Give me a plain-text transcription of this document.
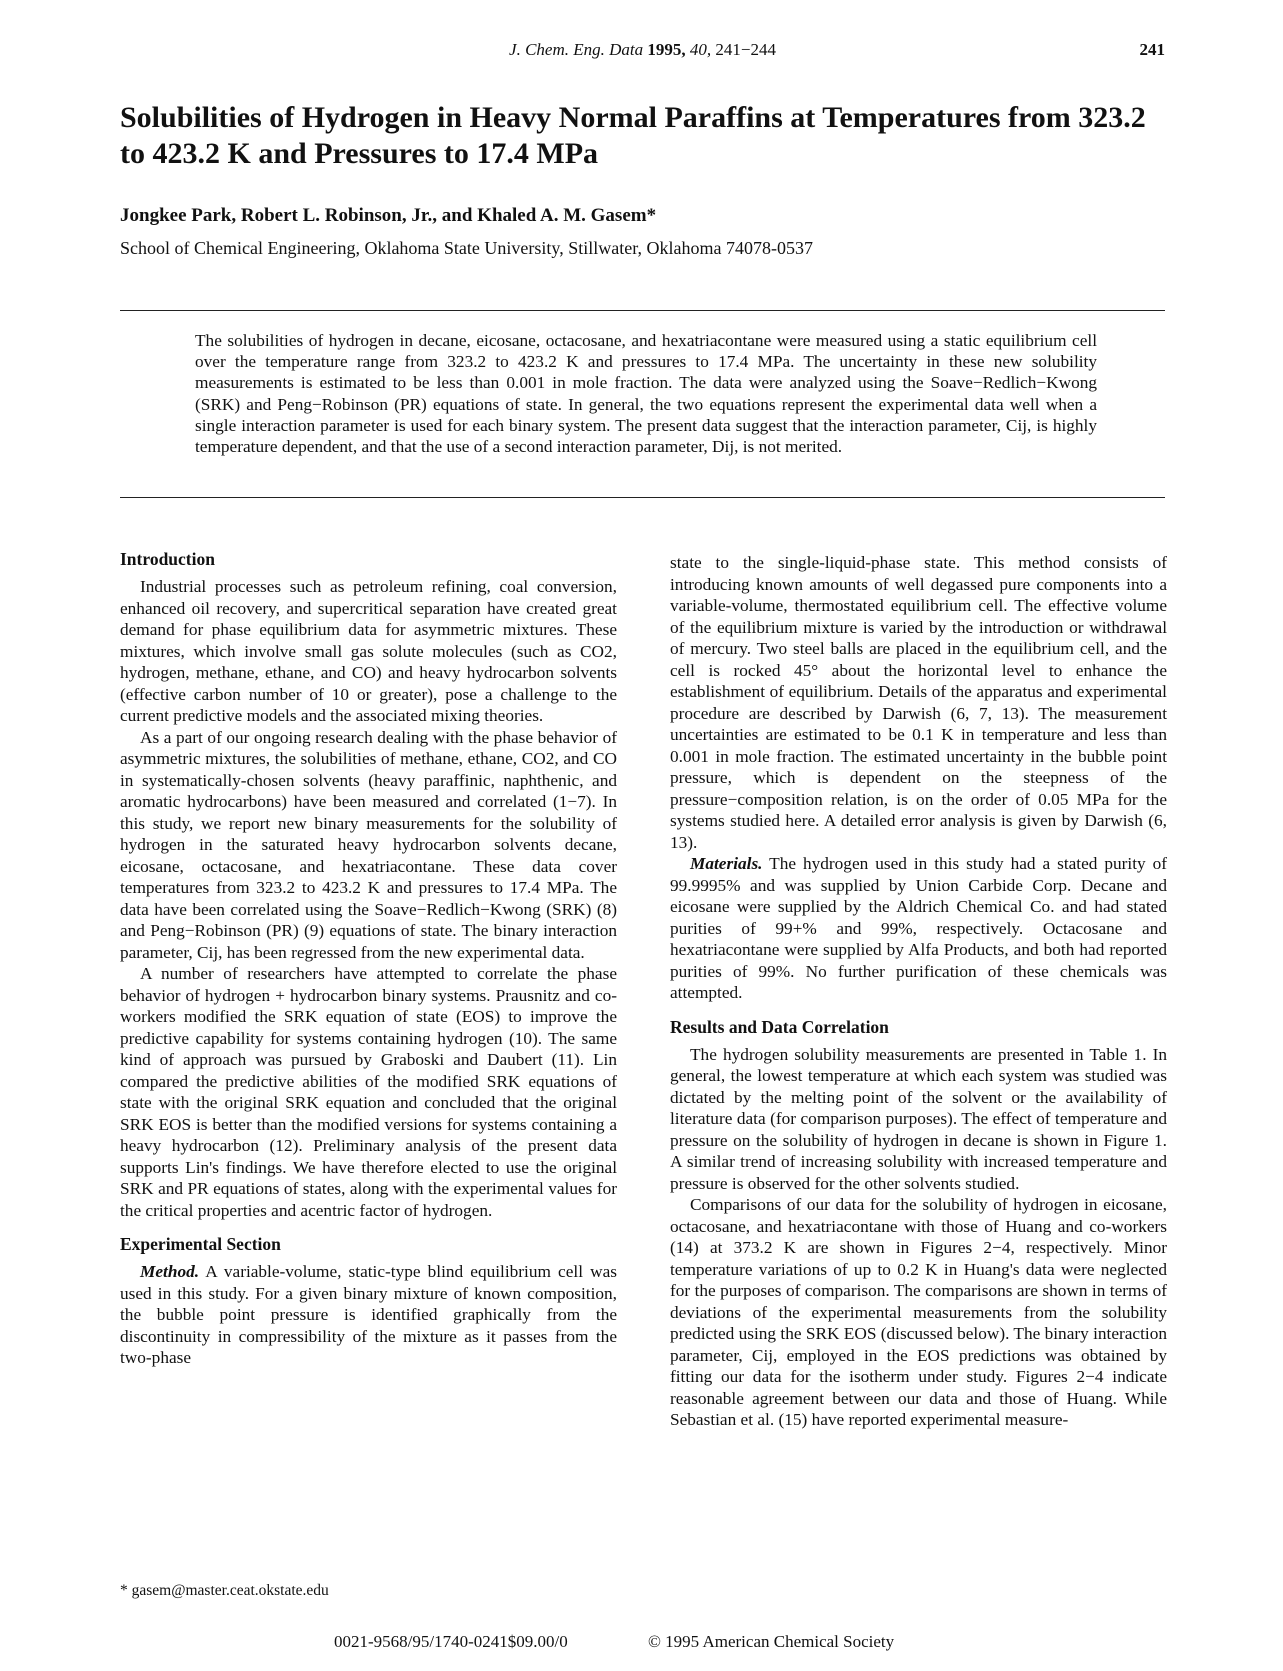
J. Chem. Eng. Data 1995, 40, 241−244	241
Solubilities of Hydrogen in Heavy Normal Paraffins at Temperatures from 323.2 to 423.2 K and Pressures to 17.4 MPa
Jongkee Park, Robert L. Robinson, Jr., and Khaled A. M. Gasem*
School of Chemical Engineering, Oklahoma State University, Stillwater, Oklahoma 74078-0537
The solubilities of hydrogen in decane, eicosane, octacosane, and hexatriacontane were measured using a static equilibrium cell over the temperature range from 323.2 to 423.2 K and pressures to 17.4 MPa. The uncertainty in these new solubility measurements is estimated to be less than 0.001 in mole fraction. The data were analyzed using the Soave−Redlich−Kwong (SRK) and Peng−Robinson (PR) equations of state. In general, the two equations represent the experimental data well when a single interaction parameter is used for each binary system. The present data suggest that the interaction parameter, Cij, is highly temperature dependent, and that the use of a second interaction parameter, Dij, is not merited.
Introduction

Industrial processes such as petroleum refining, coal conversion, enhanced oil recovery, and supercritical separation have created great demand for phase equilibrium data for asymmetric mixtures. These mixtures, which involve small gas solute molecules (such as CO2, hydrogen, methane, ethane, and CO) and heavy hydrocarbon solvents (effective carbon number of 10 or greater), pose a challenge to the current predictive models and the associated mixing theories.

As a part of our ongoing research dealing with the phase behavior of asymmetric mixtures, the solubilities of methane, ethane, CO2, and CO in systematically-chosen solvents (heavy paraffinic, naphthenic, and aromatic hydrocarbons) have been measured and correlated (1−7). In this study, we report new binary measurements for the solubility of hydrogen in the saturated heavy hydrocarbon solvents decane, eicosane, octacosane, and hexatriacontane. These data cover temperatures from 323.2 to 423.2 K and pressures to 17.4 MPa. The data have been correlated using the Soave−Redlich−Kwong (SRK) (8) and Peng−Robinson (PR) (9) equations of state. The binary interaction parameter, Cij, has been regressed from the new experimental data.

A number of researchers have attempted to correlate the phase behavior of hydrogen + hydrocarbon binary systems. Prausnitz and co-workers modified the SRK equation of state (EOS) to improve the predictive capability for systems containing hydrogen (10). The same kind of approach was pursued by Graboski and Daubert (11). Lin compared the predictive abilities of the modified SRK equations of state with the original SRK equation and concluded that the original SRK EOS is better than the modified versions for systems containing a heavy hydrocarbon (12). Preliminary analysis of the present data supports Lin's findings. We have therefore elected to use the original SRK and PR equations of states, along with the experimental values for the critical properties and acentric factor of hydrogen.

Experimental Section

Method. A variable-volume, static-type blind equilibrium cell was used in this study. For a given binary mixture of known composition, the bubble point pressure is identified graphically from the discontinuity in compressibility of the mixture as it passes from the two-phase

state to the single-liquid-phase state. This method consists of introducing known amounts of well degassed pure components into a variable-volume, thermostated equilibrium cell. The effective volume of the equilibrium mixture is varied by the introduction or withdrawal of mercury. Two steel balls are placed in the equilibrium cell, and the cell is rocked 45° about the horizontal level to enhance the establishment of equilibrium. Details of the apparatus and experimental procedure are described by Darwish (6, 7, 13). The measurement uncertainties are estimated to be 0.1 K in temperature and less than 0.001 in mole fraction. The estimated uncertainty in the bubble point pressure, which is dependent on the steepness of the pressure−composition relation, is on the order of 0.05 MPa for the systems studied here. A detailed error analysis is given by Darwish (6, 13).

Materials. The hydrogen used in this study had a stated purity of 99.9995% and was supplied by Union Carbide Corp. Decane and eicosane were supplied by the Aldrich Chemical Co. and had stated purities of 99+% and 99%, respectively. Octacosane and hexatriacontane were supplied by Alfa Products, and both had reported purities of 99%. No further purification of these chemicals was attempted.

Results and Data Correlation

The hydrogen solubility measurements are presented in Table 1. In general, the lowest temperature at which each system was studied was dictated by the melting point of the solvent or the availability of literature data (for comparison purposes). The effect of temperature and pressure on the solubility of hydrogen in decane is shown in Figure 1. A similar trend of increasing solubility with increased temperature and pressure is observed for the other solvents studied.

Comparisons of our data for the solubility of hydrogen in eicosane, octacosane, and hexatriacontane with those of Huang and co-workers (14) at 373.2 K are shown in Figures 2−4, respectively. Minor temperature variations of up to 0.2 K in Huang's data were neglected for the purposes of comparison. The comparisons are shown in terms of deviations of the experimental measurements from the solubility predicted using the SRK EOS (discussed below). The binary interaction parameter, Cij, employed in the EOS predictions was obtained by fitting our data for the isotherm under study. Figures 2−4 indicate reasonable agreement between our data and those of Huang. While Sebastian et al. (15) have reported experimental measure-

* gasem@master.ceat.okstate.edu
0021-9568/95/1740-0241$09.00/0	© 1995 American Chemical Society
